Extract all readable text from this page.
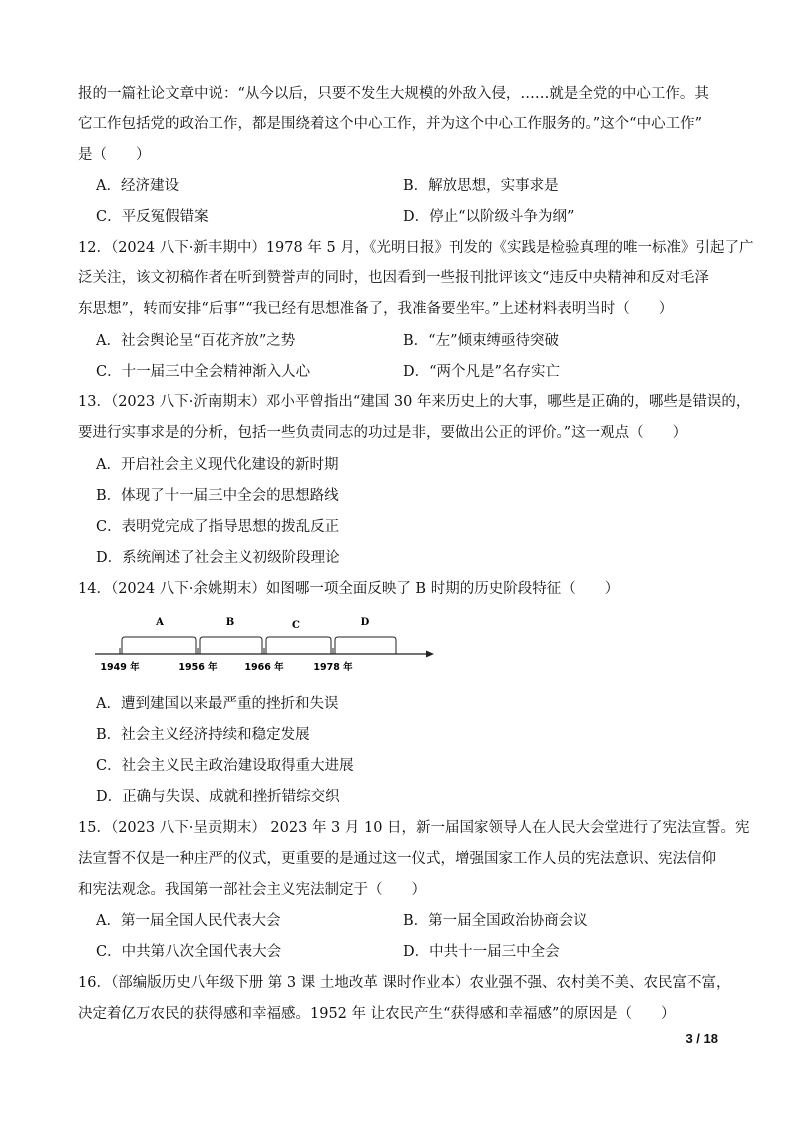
报的一篇社论文章中说：“从今以后，只要不发生大规模的外敌入侵，……就是全党的中心工作。其
它工作包括党的政治工作，都是围绕着这个中心工作，并为这个中心工作服务的。”这个“中心工作”
是（　　）
A．经济建设	B．解放思想，实事求是
C．平反冤假错案	D．停止“以阶级斗争为纲”
12．（2024 八下·新丰期中）1978 年 5 月，《光明日报》刊发的《实践是检验真理的唯一标准》引起了广
泛关注，该文初稿作者在听到赞誉声的同时，也因看到一些报刊批评该文“违反中央精神和反对毛泽
东思想”，转而安排“后事”“我已经有思想准备了，我准备要坐牢。”上述材料表明当时（　　）
A．社会舆论呈“百花齐放”之势	B．“左”倾束缚亟待突破
C．十一届三中全会精神渐入人心	D．“两个凡是”名存实亡
13．（2023 八下·沂南期末）邓小平曾指出“建国 30 年来历史上的大事，哪些是正确的，哪些是错误的，
要进行实事求是的分析，包括一些负责同志的功过是非，要做出公正的评价。”这一观点（　　）
A．开启社会主义现代化建设的新时期
B．体现了十一届三中全会的思想路线
C．表明党完成了指导思想的拨乱反正
D．系统阐述了社会主义初级阶段理论
14．（2024 八下·余姚期末）如图哪一项全面反映了 B 时期的历史阶段特征（　　）
A	B	C	D
1949 年	1956 年	1966 年	1978 年
A．遭到建国以来最严重的挫折和失误
B．社会主义经济持续和稳定发展
C．社会主义民主政治建设取得重大进展
D．正确与失误、成就和挫折错综交织
15．（2023 八下·呈贡期末） 2023 年 3 月 10 日，新一届国家领导人在人民大会堂进行了宪法宣誓。宪
法宣誓不仅是一种庄严的仪式，更重要的是通过这一仪式，增强国家工作人员的宪法意识、宪法信仰
和宪法观念。我国第一部社会主义宪法制定于（　　）
A．第一届全国人民代表大会	B．第一届全国政治协商会议
C．中共第八次全国代表大会	D．中共十一届三中全会
16．（部编版历史八年级下册 第 3 课 土地改革 课时作业本）农业强不强、农村美不美、农民富不富，
决定着亿万农民的获得感和幸福感。1952 年 让农民产生“获得感和幸福感”的原因是（　　）
3 / 18
